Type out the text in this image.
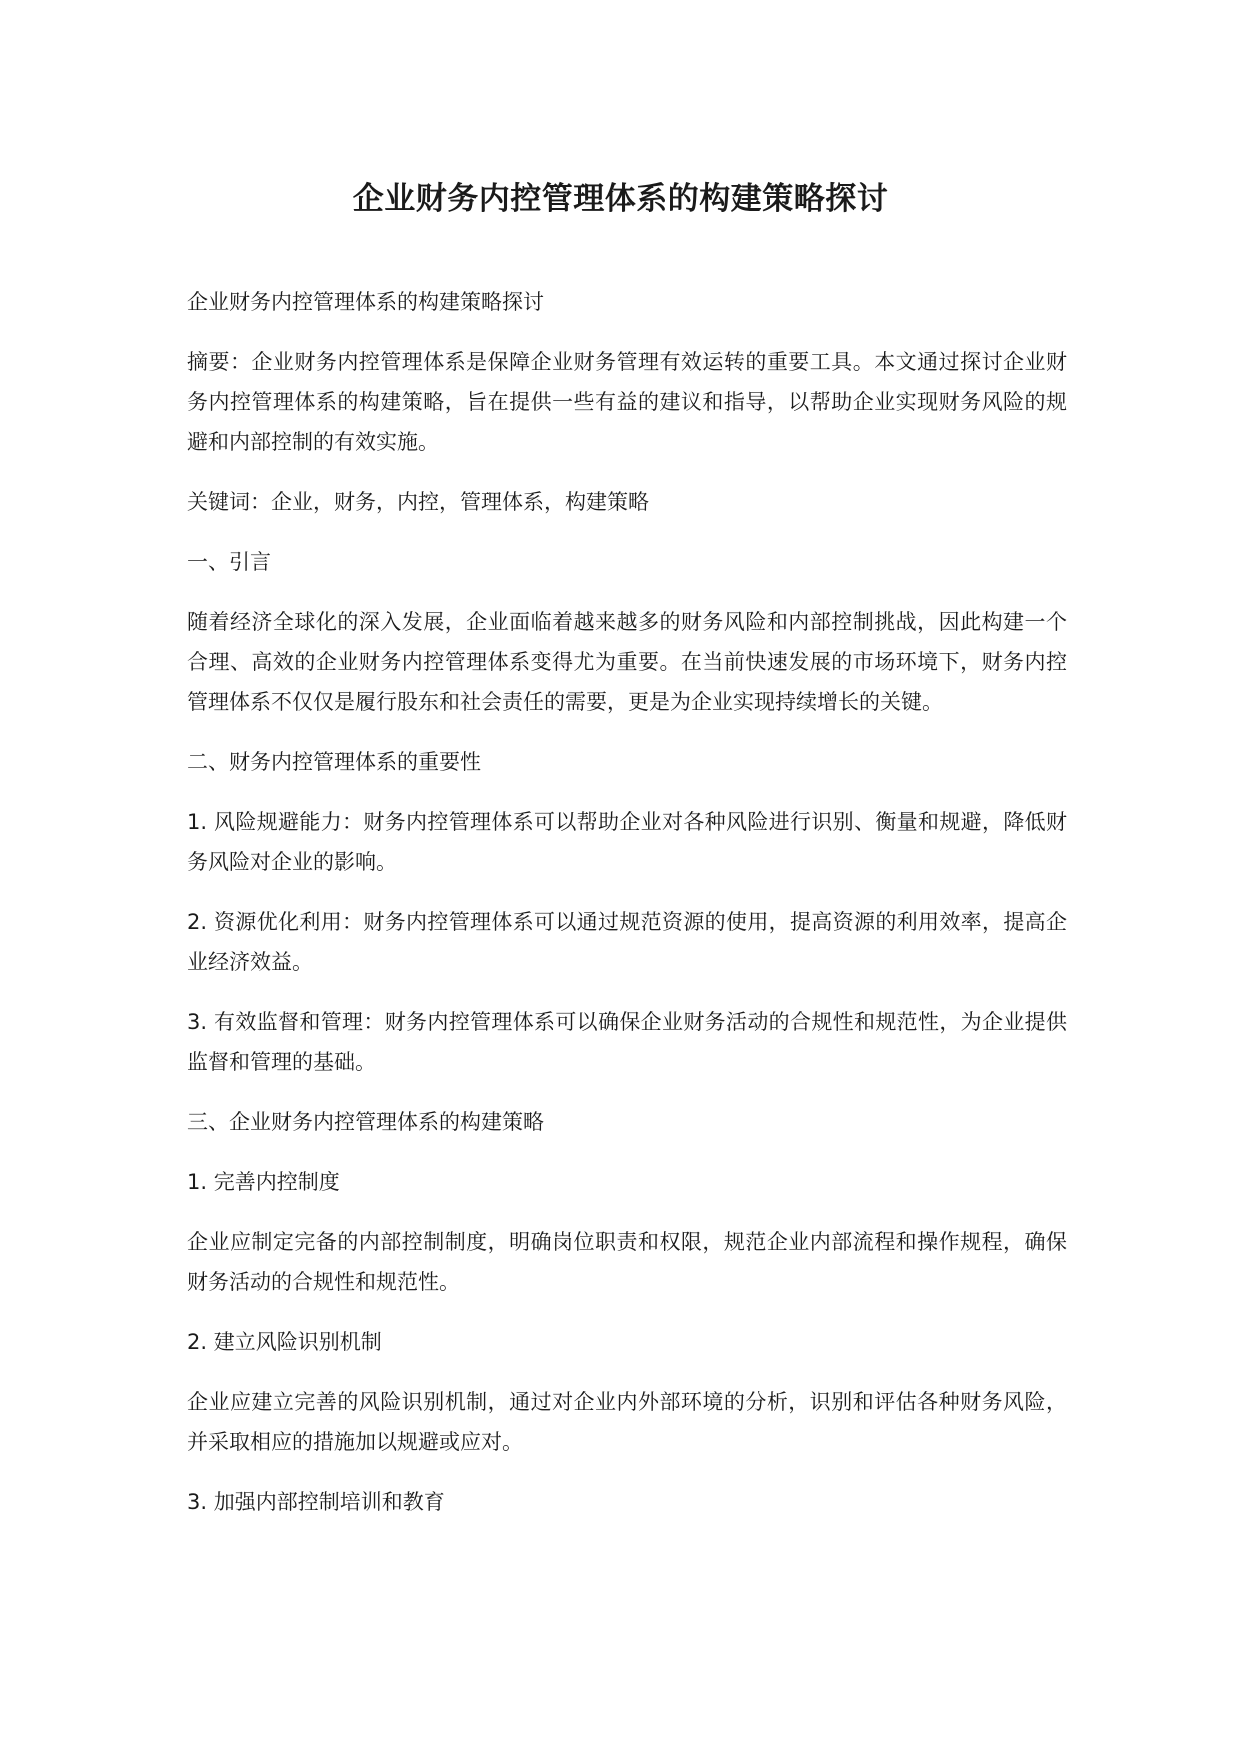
企业财务内控管理体系的构建策略探讨

企业财务内控管理体系的构建策略探讨

摘要：企业财务内控管理体系是保障企业财务管理有效运转的重要工具。本文通过探讨企业财务内控管理体系的构建策略，旨在提供一些有益的建议和指导，以帮助企业实现财务风险的规避和内部控制的有效实施。

关键词：企业，财务，内控，管理体系，构建策略

一、引言

随着经济全球化的深入发展，企业面临着越来越多的财务风险和内部控制挑战，因此构建一个合理、高效的企业财务内控管理体系变得尤为重要。在当前快速发展的市场环境下，财务内控管理体系不仅仅是履行股东和社会责任的需要，更是为企业实现持续增长的关键。

二、财务内控管理体系的重要性

1. 风险规避能力：财务内控管理体系可以帮助企业对各种风险进行识别、衡量和规避，降低财务风险对企业的影响。

2. 资源优化利用：财务内控管理体系可以通过规范资源的使用，提高资源的利用效率，提高企业经济效益。

3. 有效监督和管理：财务内控管理体系可以确保企业财务活动的合规性和规范性，为企业提供监督和管理的基础。

三、企业财务内控管理体系的构建策略

1. 完善内控制度

企业应制定完备的内部控制制度，明确岗位职责和权限，规范企业内部流程和操作规程，确保财务活动的合规性和规范性。

2. 建立风险识别机制

企业应建立完善的风险识别机制，通过对企业内外部环境的分析，识别和评估各种财务风险，并采取相应的措施加以规避或应对。

3. 加强内部控制培训和教育
